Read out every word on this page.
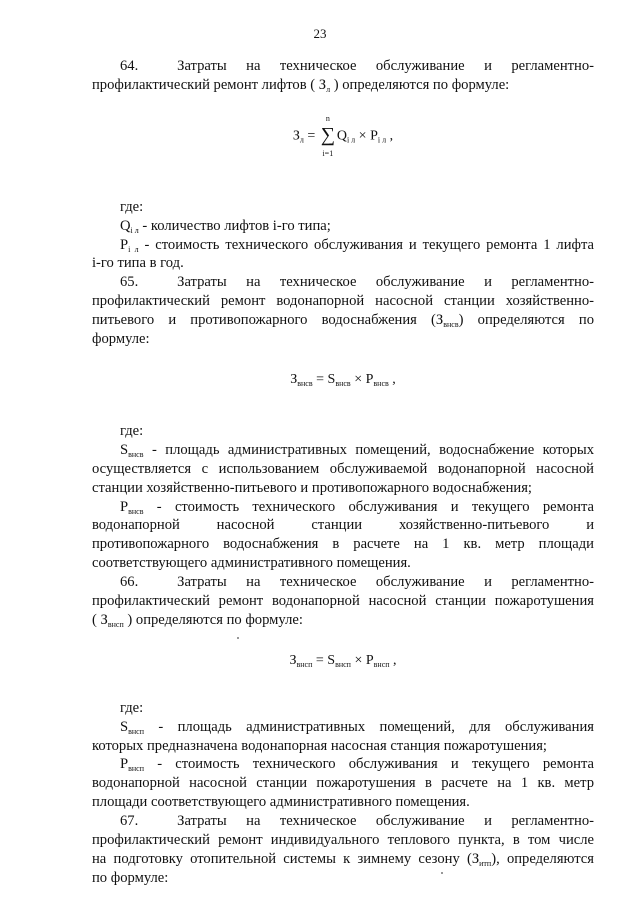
23

64.  Затраты на техническое обслуживание и регламентно-

профилактический ремонт лифтов ( $З_л$ ) определяются по формуле:

$З_л$ =
n
∑
i=1
$Q_{i л} \times P_{i л}$ ,

где:

$Q_{i л}$ - количество лифтов i-го типа;

$P_{i л}$ - стоимость технического обслуживания и текущего ремонта 1 лифта

i-го типа в год.

65.  Затраты на техническое обслуживание и регламентно-

профилактический ремонт водонапорной насосной станции хозяйственно-

питьевого и противопожарного водоснабжения $(З_{внсв})$ определяются по

формуле:

$З_{внсв} = S_{внсв} \times P_{внсв}$ ,

где:

$S_{внсв}$ - площадь административных помещений, водоснабжение которых

осуществляется с использованием обслуживаемой водонапорной насосной

станции хозяйственно-питьевого и противопожарного водоснабжения;

$P_{внсв}$ - стоимость технического обслуживания и текущего ремонта

водонапорной насосной станции хозяйственно-питьевого и

противопожарного водоснабжения в расчете на 1 кв. метр площади

соответствующего административного помещения.

66.  Затраты на техническое обслуживание и регламентно-

профилактический ремонт водонапорной насосной станции пожаротушения

( $З_{внсп}$ ) определяются по формуле:

$З_{внсп} = S_{внсп} \times P_{внсп}$ ,

где:

$S_{внсп}$ - площадь административных помещений, для обслуживания

которых предназначена водонапорная насосная станция пожаротушения;

$P_{внсп}$ - стоимость технического обслуживания и текущего ремонта

водонапорной насосной станции пожаротушения в расчете на 1 кв. метр

площади соответствующего административного помещения.

67.  Затраты на техническое обслуживание и регламентно-

профилактический ремонт индивидуального теплового пункта, в том числе

на подготовку отопительной системы к зимнему сезону $(З_{итп})$, определяются

по формуле:
